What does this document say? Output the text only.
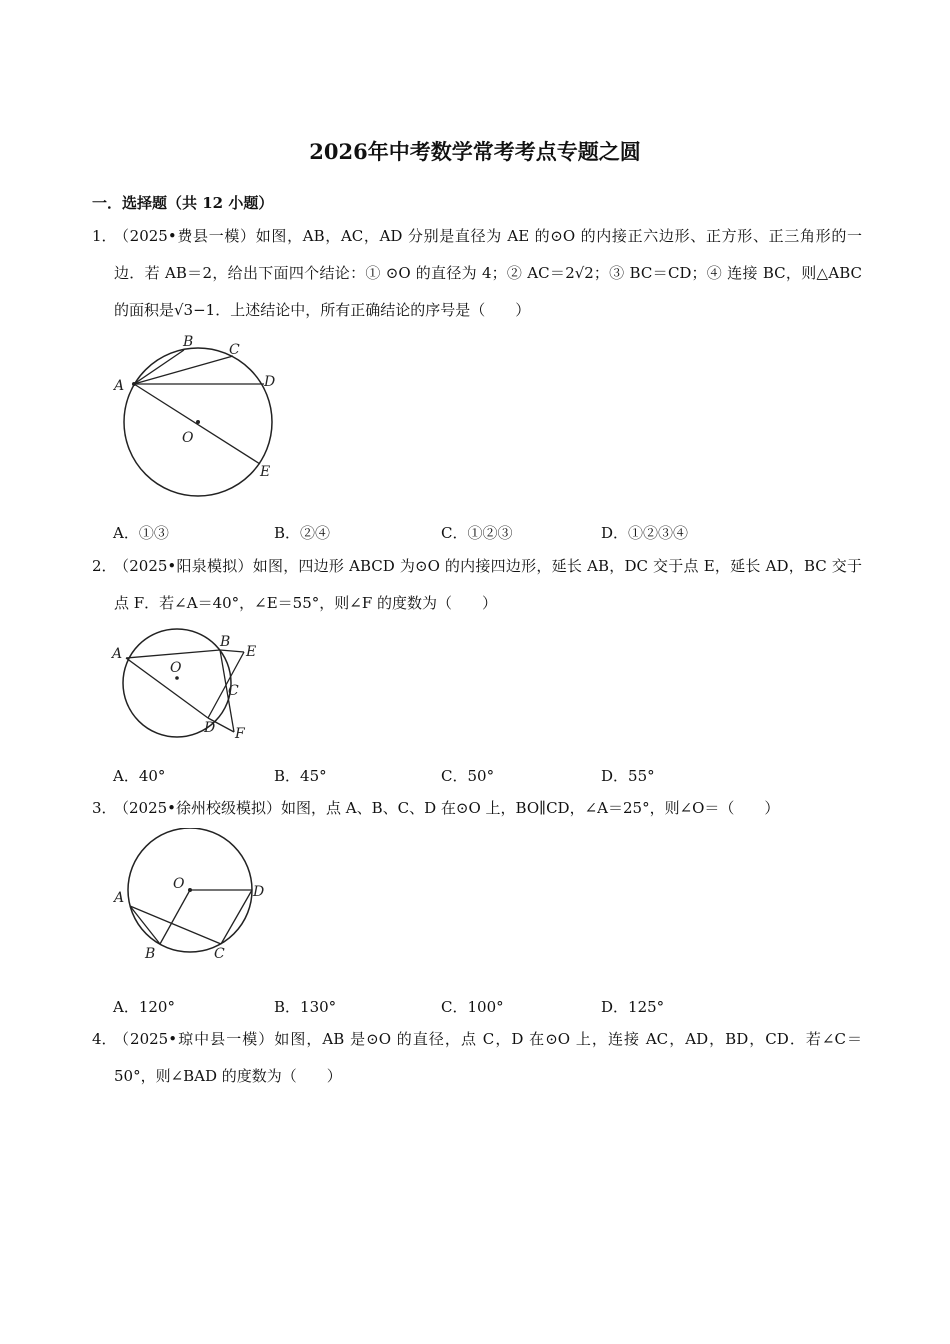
2026年中考数学常考考点专题之圆
一．选择题（共 12 小题）
1．
（2025•费县一模）如图，AB，AC，AD 分别是直径为 AE 的⊙O 的内接正六边形、正方形、正三角形的一边．若 AB＝2，给出下面四个结论：① ⊙O 的直径为 4；② AC＝2√2；③ BC＝CD；④ 连接 BC，则△ABC 的面积是√3−1．上述结论中，所有正确结论的序号是（　　）
A
B	C
D
O
E
A．①③	B．②④	C．①②③	D．①②③④
2．
（2025•阳泉模拟）如图，四边形 ABCD 为⊙O 的内接四边形，延长 AB，DC 交于点 E，延长 AD，BC 交于点 F．若∠A＝40°，∠E＝55°，则∠F 的度数为（　　）
A
O
B
E
C
D F
A．40°	B．45°	C．50°	D．55°
3．
（2025•徐州校级模拟）如图，点 A、B、C、D 在⊙O 上，BO∥CD，∠A＝25°，则∠O＝（　　）
O	D
A
B	C
A．120°	B．130°	C．100°	D．125°
4．
（2025•琼中县一模）如图，AB 是⊙O 的直径，点 C，D 在⊙O 上，连接 AC，AD，BD，CD．若∠C＝50°，则∠BAD 的度数为（　　）
